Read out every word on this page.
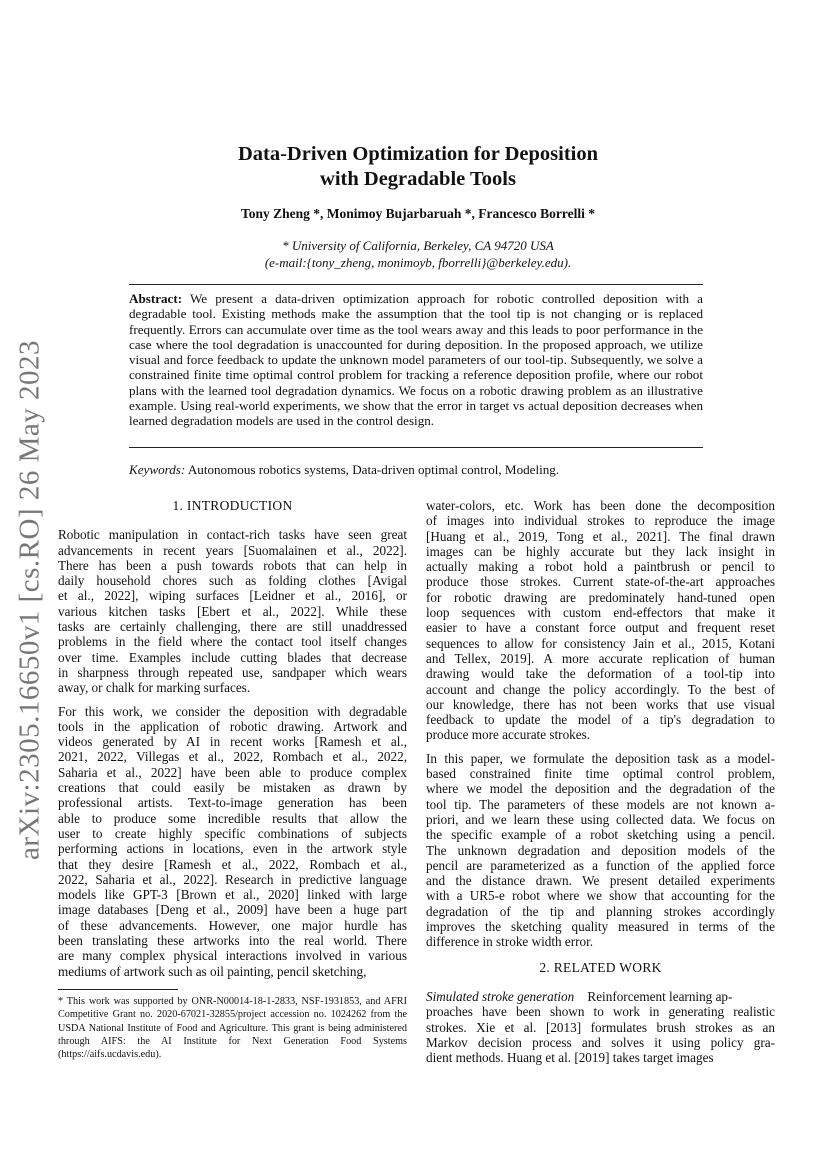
arXiv:2305.16650v1 [cs.RO] 26 May 2023
Data-Driven Optimization for Deposition
with Degradable Tools
Tony Zheng *, Monimoy Bujarbaruah *, Francesco Borrelli *
* University of California, Berkeley, CA 94720 USA
(e-mail:{tony_zheng, monimoyb, fborrelli}@berkeley.edu).
Abstract: We present a data-driven optimization approach for robotic controlled deposition with a degradable tool. Existing methods make the assumption that the tool tip is not changing or is replaced frequently. Errors can accumulate over time as the tool wears away and this leads to poor performance in the case where the tool degradation is unaccounted for during deposition. In the proposed approach, we utilize visual and force feedback to update the unknown model parameters of our tool-tip. Subsequently, we solve a constrained finite time optimal control problem for tracking a reference deposition profile, where our robot plans with the learned tool degradation dynamics. We focus on a robotic drawing problem as an illustrative example. Using real-world experiments, we show that the error in target vs actual deposition decreases when learned degradation models are used in the control design.
Keywords: Autonomous robotics systems, Data-driven optimal control, Modeling.
1. INTRODUCTION

Robotic manipulation in contact-rich tasks have seen great
advancements in recent years [Suomalainen et al., 2022].
There has been a push towards robots that can help in
daily household chores such as folding clothes [Avigal
et al., 2022], wiping surfaces [Leidner et al., 2016], or
various kitchen tasks [Ebert et al., 2022]. While these
tasks are certainly challenging, there are still unaddressed
problems in the field where the contact tool itself changes
over time. Examples include cutting blades that decrease
in sharpness through repeated use, sandpaper which wears
away, or chalk for marking surfaces.

For this work, we consider the deposition with degradable
tools in the application of robotic drawing. Artwork and
videos generated by AI in recent works [Ramesh et al.,
2021, 2022, Villegas et al., 2022, Rombach et al., 2022,
Saharia et al., 2022] have been able to produce complex
creations that could easily be mistaken as drawn by
professional artists. Text-to-image generation has been
able to produce some incredible results that allow the
user to create highly specific combinations of subjects
performing actions in locations, even in the artwork style
that they desire [Ramesh et al., 2022, Rombach et al.,
2022, Saharia et al., 2022]. Research in predictive language
models like GPT-3 [Brown et al., 2020] linked with large
image databases [Deng et al., 2009] have been a huge part
of these advancements. However, one major hurdle has
been translating these artworks into the real world. There
are many complex physical interactions involved in various
mediums of artwork such as oil painting, pencil sketching,

* This work was supported by ONR-N00014-18-1-2833, NSF-1931853, and AFRI Competitive Grant no. 2020-67021-32855/project accession no. 1024262 from the USDA National Institute of Food and Agriculture. This grant is being administered through AIFS: the AI Institute for Next Generation Food Systems (https://aifs.ucdavis.edu).

water-colors, etc. Work has been done the decomposition
of images into individual strokes to reproduce the image
[Huang et al., 2019, Tong et al., 2021]. The final drawn
images can be highly accurate but they lack insight in
actually making a robot hold a paintbrush or pencil to
produce those strokes. Current state-of-the-art approaches
for robotic drawing are predominately hand-tuned open
loop sequences with custom end-effectors that make it
easier to have a constant force output and frequent reset
sequences to allow for consistency Jain et al., 2015, Kotani
and Tellex, 2019]. A more accurate replication of human
drawing would take the deformation of a tool-tip into
account and change the policy accordingly. To the best of
our knowledge, there has not been works that use visual
feedback to update the model of a tip's degradation to
produce more accurate strokes.

In this paper, we formulate the deposition task as a model-
based constrained finite time optimal control problem,
where we model the deposition and the degradation of the
tool tip. The parameters of these models are not known a-
priori, and we learn these using collected data. We focus on
the specific example of a robot sketching using a pencil.
The unknown degradation and deposition models of the
pencil are parameterized as a function of the applied force
and the distance drawn. We present detailed experiments
with a UR5-e robot where we show that accounting for the
degradation of the tip and planning strokes accordingly
improves the sketching quality measured in terms of the
difference in stroke width error.

2. RELATED WORK

Simulated stroke generation Reinforcement learning ap-

proaches have been shown to work in generating realistic
strokes. Xie et al. [2013] formulates brush strokes as an
Markov decision process and solves it using policy gra-
dient methods. Huang et al. [2019] takes target images
